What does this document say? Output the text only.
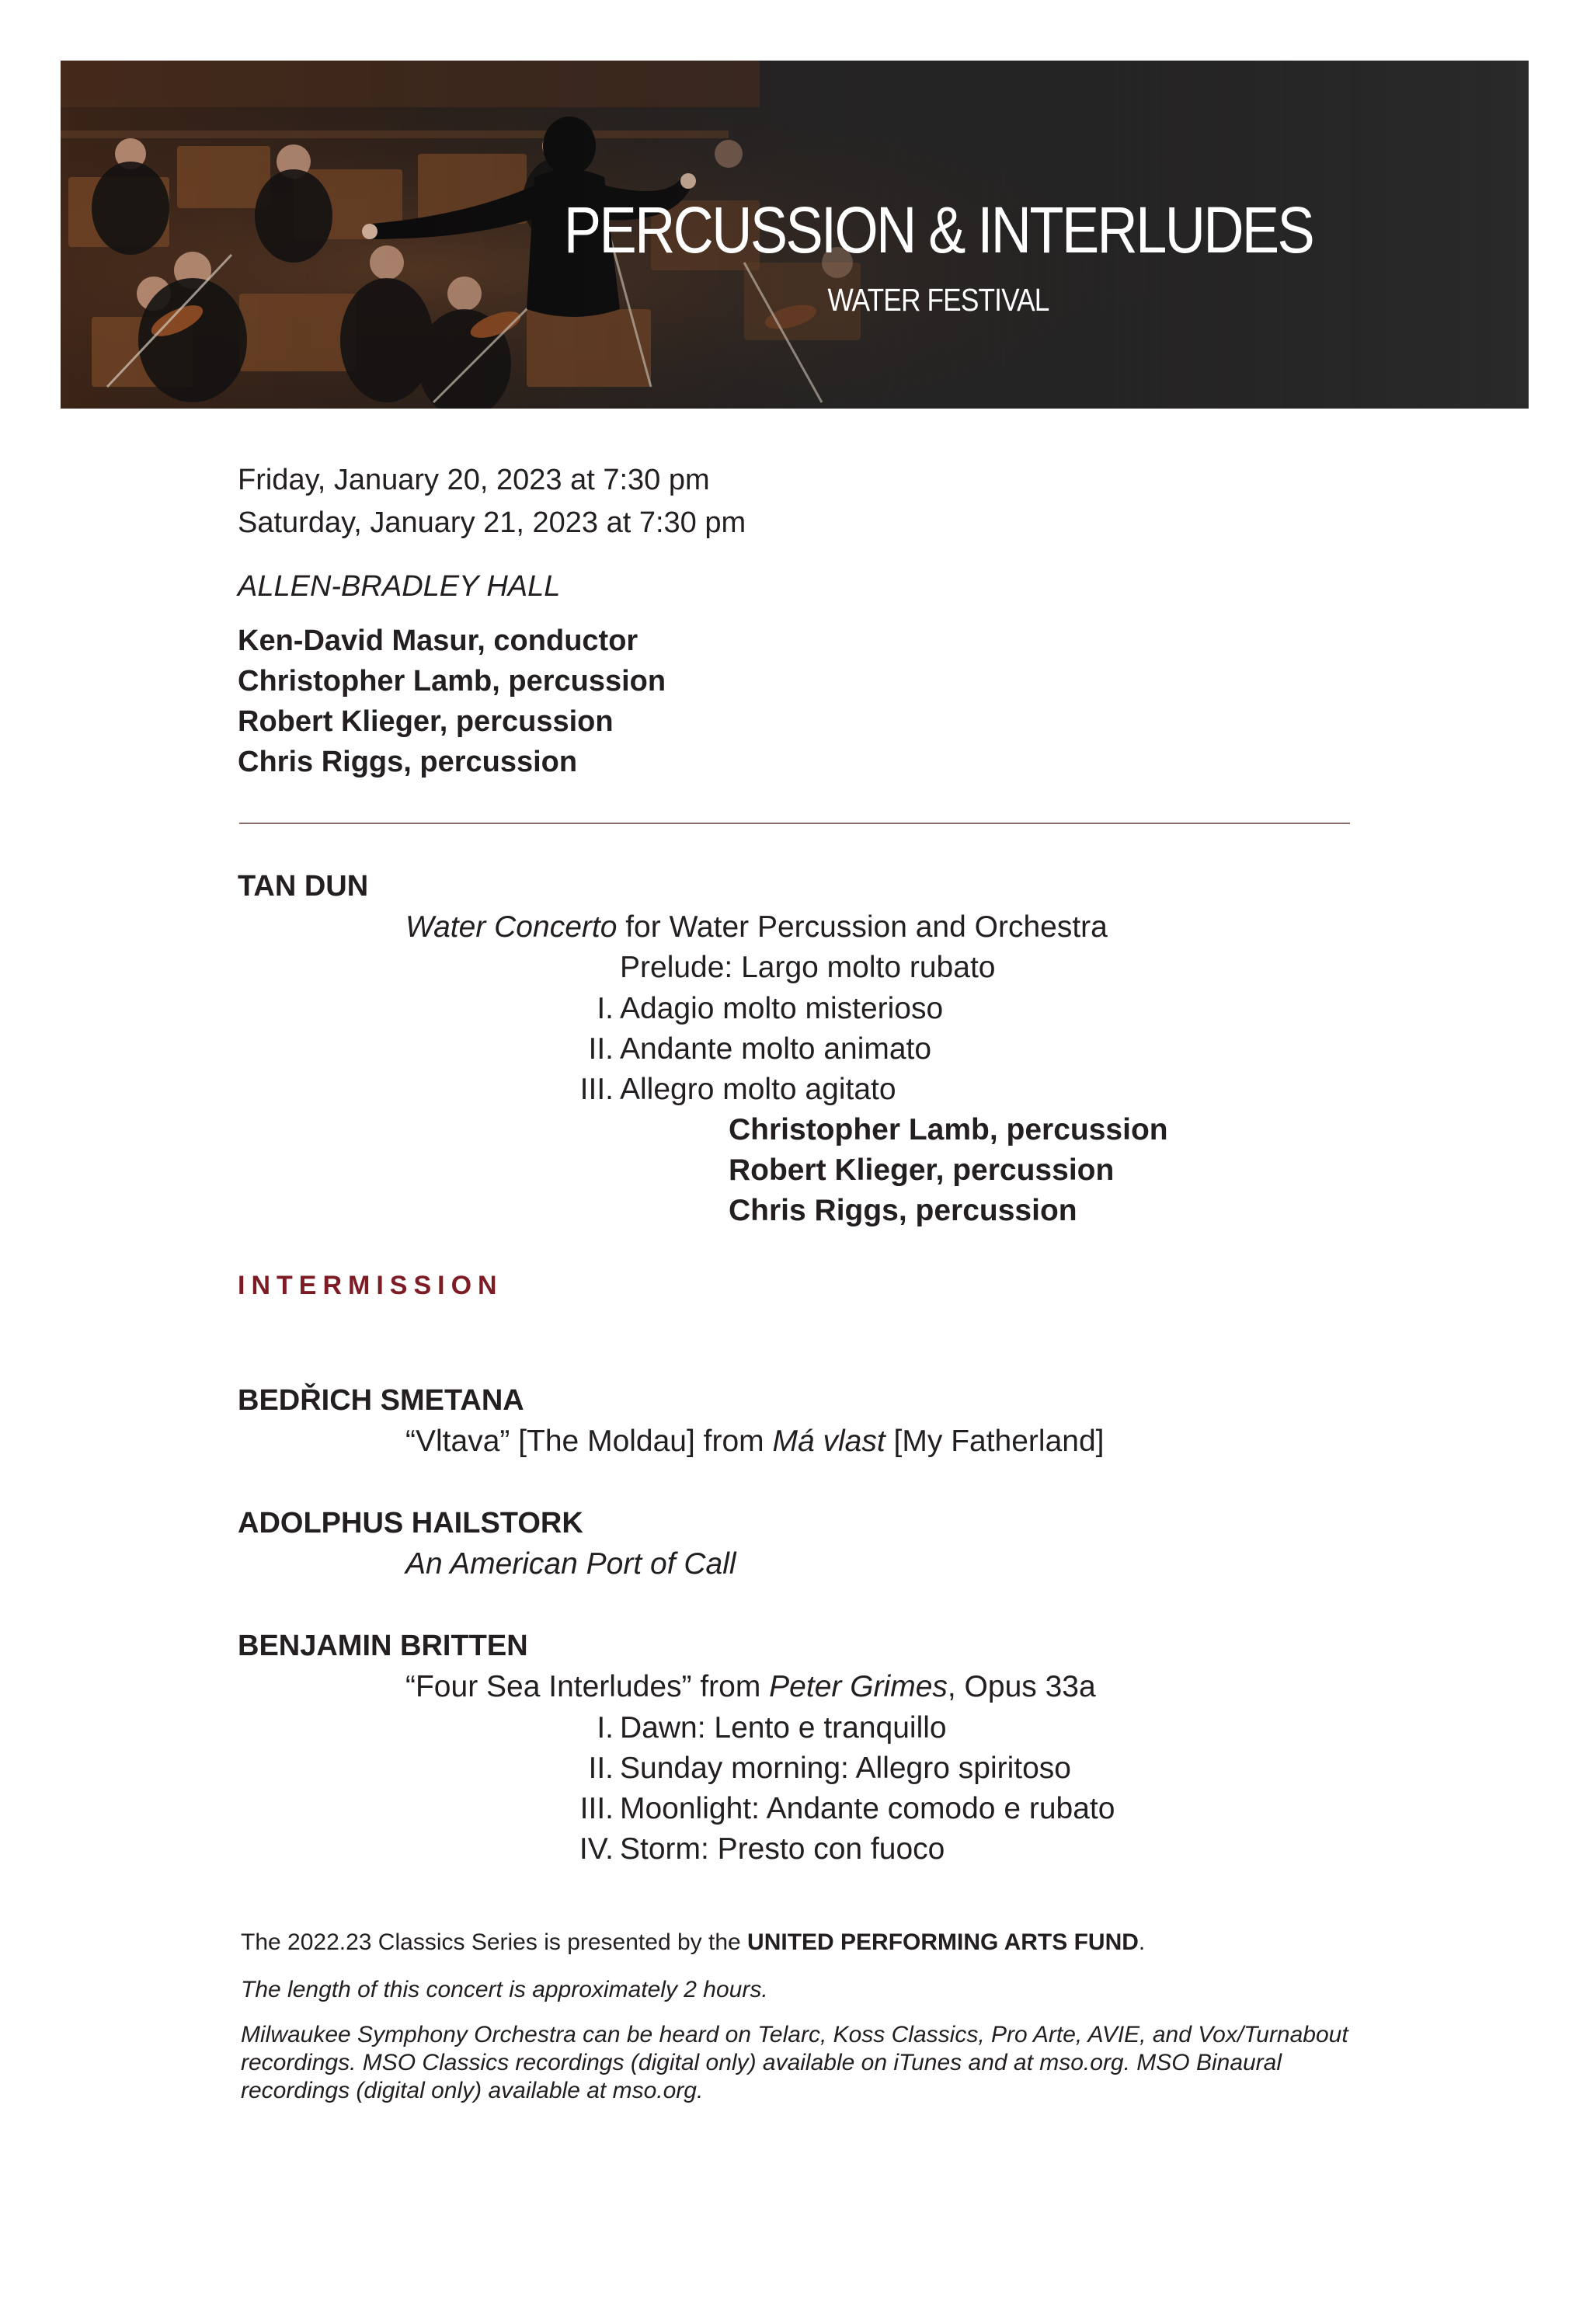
PERCUSSION & INTERLUDES
WATER FESTIVAL
Friday, January 20, 2023 at 7:30 pm
Saturday, January 21, 2023 at 7:30 pm
ALLEN-BRADLEY HALL
Ken-David Masur, conductor
Christopher Lamb, percussion
Robert Klieger, percussion
Chris Riggs, percussion
TAN DUN
Water Concerto for Water Percussion and Orchestra
Prelude: Largo molto rubato
I. Adagio molto misterioso
II. Andante molto animato
III. Allegro molto agitato
Christopher Lamb, percussion
Robert Klieger, percussion
Chris Riggs, percussion
INTERMISSION
BEDŘICH SMETANA
“Vltava” [The Moldau] from Má vlast [My Fatherland]
ADOLPHUS HAILSTORK
An American Port of Call
BENJAMIN BRITTEN
“Four Sea Interludes” from Peter Grimes, Opus 33a
I. Dawn: Lento e tranquillo
II. Sunday morning: Allegro spiritoso
III. Moonlight: Andante comodo e rubato
IV. Storm: Presto con fuoco
The 2022.23 Classics Series is presented by the UNITED PERFORMING ARTS FUND.
The length of this concert is approximately 2 hours.
Milwaukee Symphony Orchestra can be heard on Telarc, Koss Classics, Pro Arte, AVIE, and Vox/Turnabout
recordings. MSO Classics recordings (digital only) available on iTunes and at mso.org. MSO Binaural
recordings (digital only) available at mso.org.
